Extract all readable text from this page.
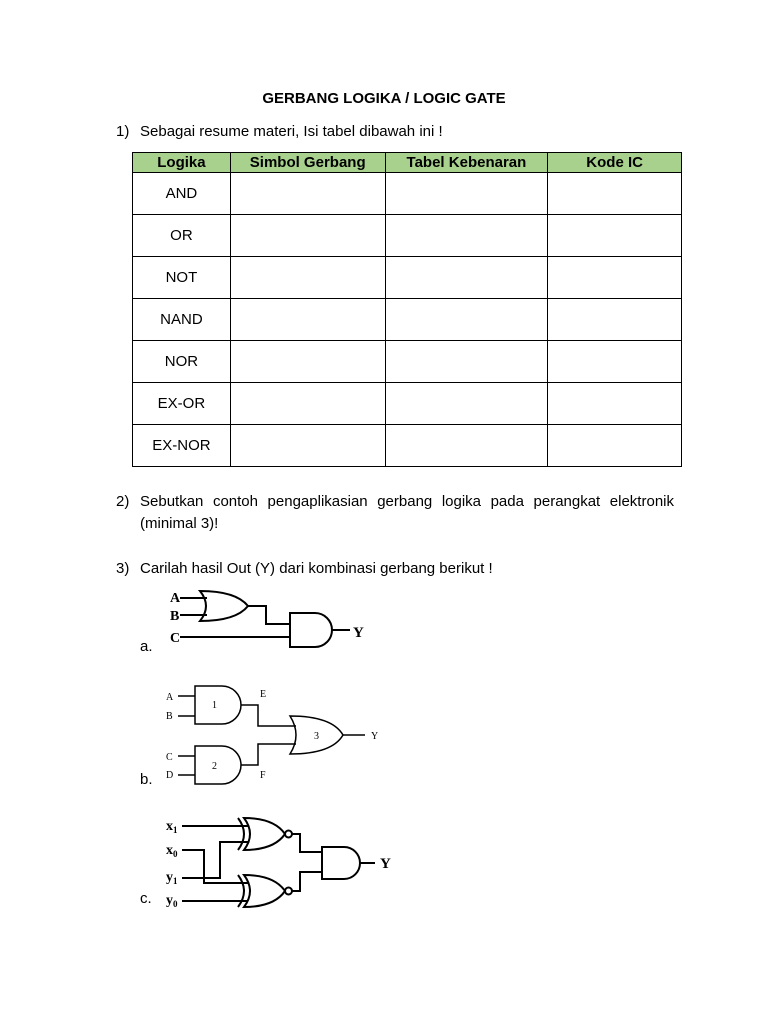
GERBANG LOGIKA / LOGIC GATE
1) Sebagai resume materi, Isi tabel dibawah ini !
Logika	Simbol Gerbang	Tabel Kebenaran	Kode IC
AND			
OR			
NOT			
NAND			
NOR			
EX-OR			
EX-NOR			
2) Sebutkan contoh pengaplikasian gerbang logika pada perangkat elektronik (minimal 3)!
3) Carilah hasil Out (Y) dari kombinasi gerbang berikut !
a.
A
B
C	Y
b.
A
B
C
D
1
2
3
E
F
Y
c.
$x_1$
$x_0$
$y_1$
$y_0$
Y
